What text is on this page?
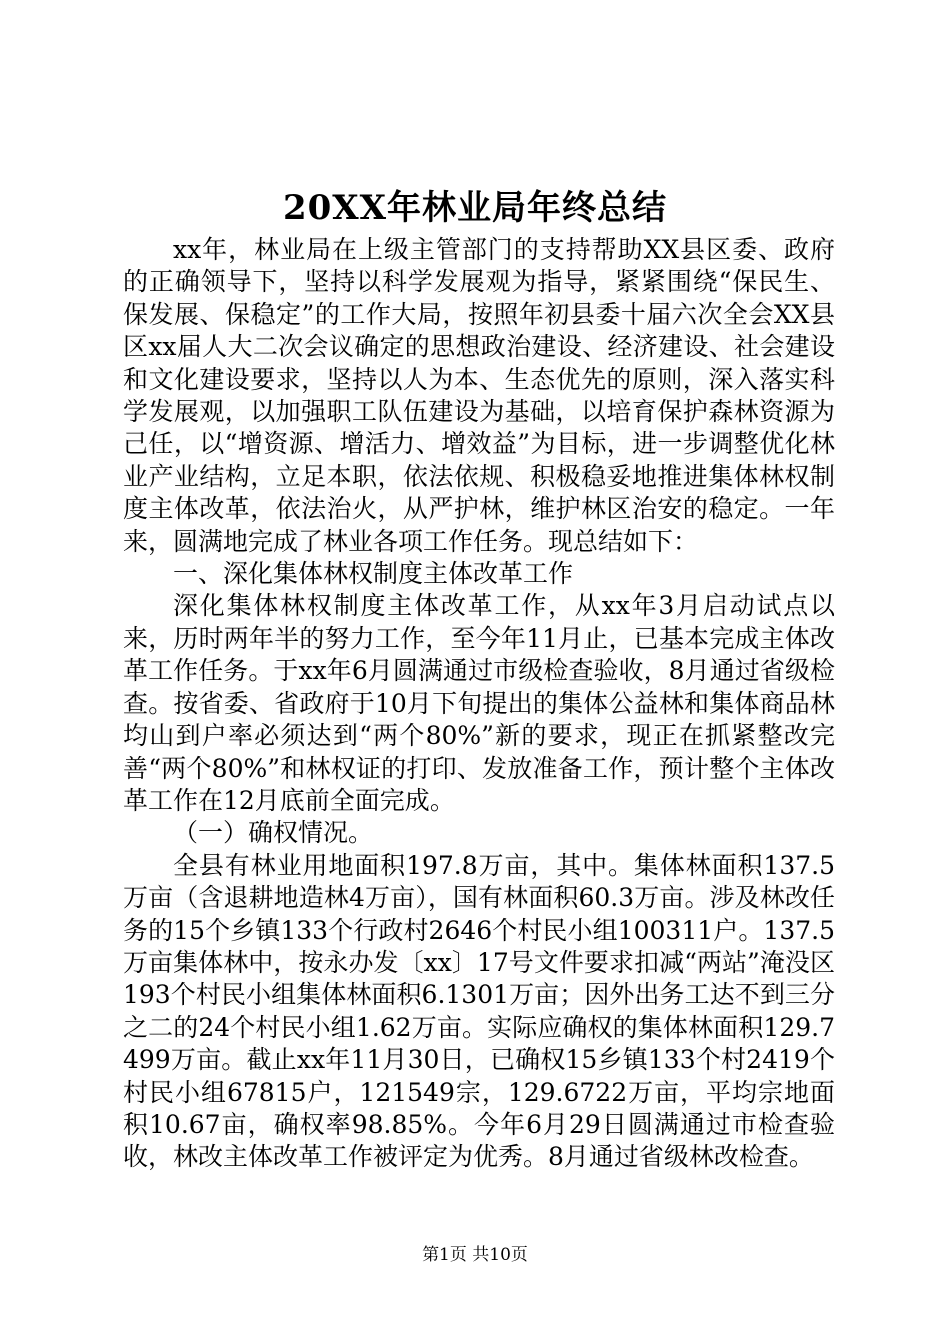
20XX年林业局年终总结

xx年，林业局在上级主管部门的支持帮助XX县区委、政府的正确领导下，坚持以科学发展观为指导，紧紧围绕“保民生、保发展、保稳定”的工作大局，按照年初县委十届六次全会XX县区xx届人大二次会议确定的思想政治建设、经济建设、社会建设和文化建设要求，坚持以人为本、生态优先的原则，深入落实科学发展观，以加强职工队伍建设为基础，以培育保护森林资源为己任，以“增资源、增活力、增效益”为目标，进一步调整优化林业产业结构，立足本职，依法依规、积极稳妥地推进集体林权制度主体改革，依法治火，从严护林，维护林区治安的稳定。一年来，圆满地完成了林业各项工作任务。现总结如下：

一、深化集体林权制度主体改革工作

深化集体林权制度主体改革工作，从xx年3月启动试点以来，历时两年半的努力工作，至今年11月止，已基本完成主体改革工作任务。于xx年6月圆满通过市级检查验收，8月通过省级检查。按省委、省政府于10月下旬提出的集体公益林和集体商品林均山到户率必须达到“两个80%”新的要求，现正在抓紧整改完善“两个80%”和林权证的打印、发放准备工作，预计整个主体改革工作在12月底前全面完成。

（一）确权情况。

全县有林业用地面积197.8万亩，其中。集体林面积137.5万亩（含退耕地造林4万亩），国有林面积60.3万亩。涉及林改任务的15个乡镇133个行政村2646个村民小组100311户。137.5万亩集体林中，按永办发〔xx〕17号文件要求扣减“两站”淹没区193个村民小组集体林面积6.1301万亩；因外出务工达不到三分之二的24个村民小组1.62万亩。实际应确权的集体林面积129.7499万亩。截止xx年11月30日，已确权15乡镇133个村2419个村民小组67815户，121549宗，129.6722万亩，平均宗地面积10.67亩，确权率98.85%。今年6月29日圆满通过市检查验收，林改主体改革工作被评定为优秀。8月通过省级林改检查。

第1页 共10页
